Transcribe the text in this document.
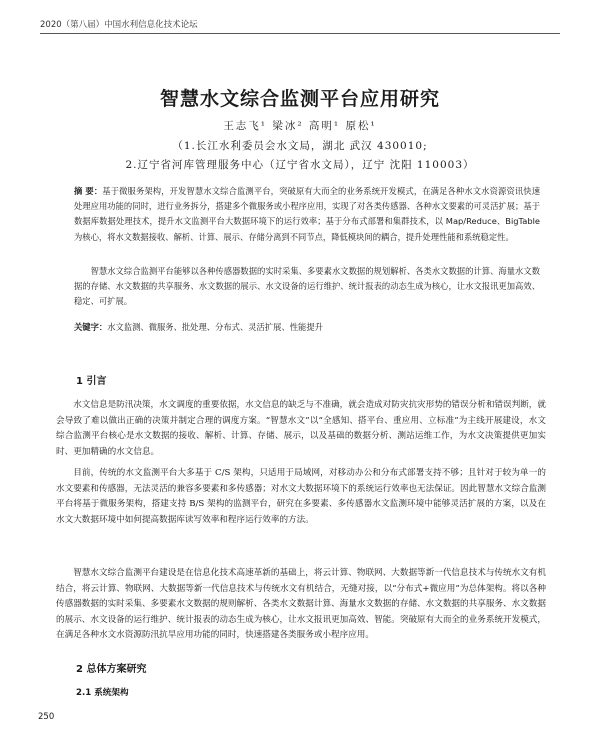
2020（第八届）中国水利信息化技术论坛
智慧水文综合监测平台应用研究
王志飞¹ 梁冰² 高明¹ 原松¹
（1.长江水利委员会水文局，湖北 武汉 430010;
2.辽宁省河库管理服务中心（辽宁省水文局），辽宁 沈阳 110003）
摘 要：基于微服务架构，开发智慧水文综合监测平台，突破原有大而全的业务系统开发模式，在满足各种水文水资源资讯快速处理应用功能的同时，进行业务拆分，搭建多个微服务或小程序应用，实现了对各类传感器、各种水文要素的可灵活扩展；基于数据库数据处理技术，提升水文监测平台大数据环境下的运行效率；基于分布式部署和集群技术，以 Map/Reduce、BigTable 为核心，将水文数据接收、解析、计算、展示、存储分离到不同节点，降低模块间的耦合，提升处理性能和系统稳定性。
智慧水文综合监测平台能够以各种传感器数据的实时采集、多要素水文数据的规划解析、各类水文数据的计算、海量水文数据的存储、水文数据的共享服务、水文数据的展示、水文设备的运行维护、统计报表的动态生成为核心，让水文报讯更加高效、稳定、可扩展。
关键字：水文监测、微服务、批处理、分布式、灵活扩展、性能提升
1 引言
水文信息是防汛决策，水文调度的重要依据，水文信息的缺乏与不准确，就会造成对防灾抗灾形势的错误分析和错误判断，就会导致了难以做出正确的决策并制定合理的调度方案。“智慧水文”以“全感知、搭平台、重应用、立标准”为主线开展建设，水文综合监测平台核心是水文数据的接收、解析、计算、存储、展示，以及基础的数据分析、测站运维工作，为水文决策提供更加实时、更加精确的水文信息。
目前，传统的水文监测平台大多基于 C/S 架构，只适用于局域网，对移动办公和分布式部署支持不够；且针对于较为单一的水文要素和传感器，无法灵活的兼容多要素和多传感器；对水文大数据环境下的系统运行效率也无法保证。因此智慧水文综合监测平台将基于微服务架构，搭建支持 B/S 架构的监测平台，研究在多要素、多传感器水文监测环境中能够灵活扩展的方案，以及在水文大数据环境中如何提高数据库读写效率和程序运行效率的方法。
智慧水文综合监测平台建设是在信息化技术高速革新的基础上，将云计算、物联网、大数据等新一代信息技术与传统水文有机结合，将云计算、物联网、大数据等新一代信息技术与传统水文有机结合，无缝对接，以“分布式+微应用”为总体架构。将以各种传感器数据的实时采集、多要素水文数据的规则解析、各类水文数据计算、海量水文数据的存储、水文数据的共享服务、水文数据的展示、水文设备的运行维护、统计报表的动态生成为核心，让水文报讯更加高效、智能。突破原有大而全的业务系统开发模式，在满足各种水文水资源防汛抗旱应用功能的同时，快速搭建各类服务或小程序应用。
2 总体方案研究
2.1 系统架构
250
